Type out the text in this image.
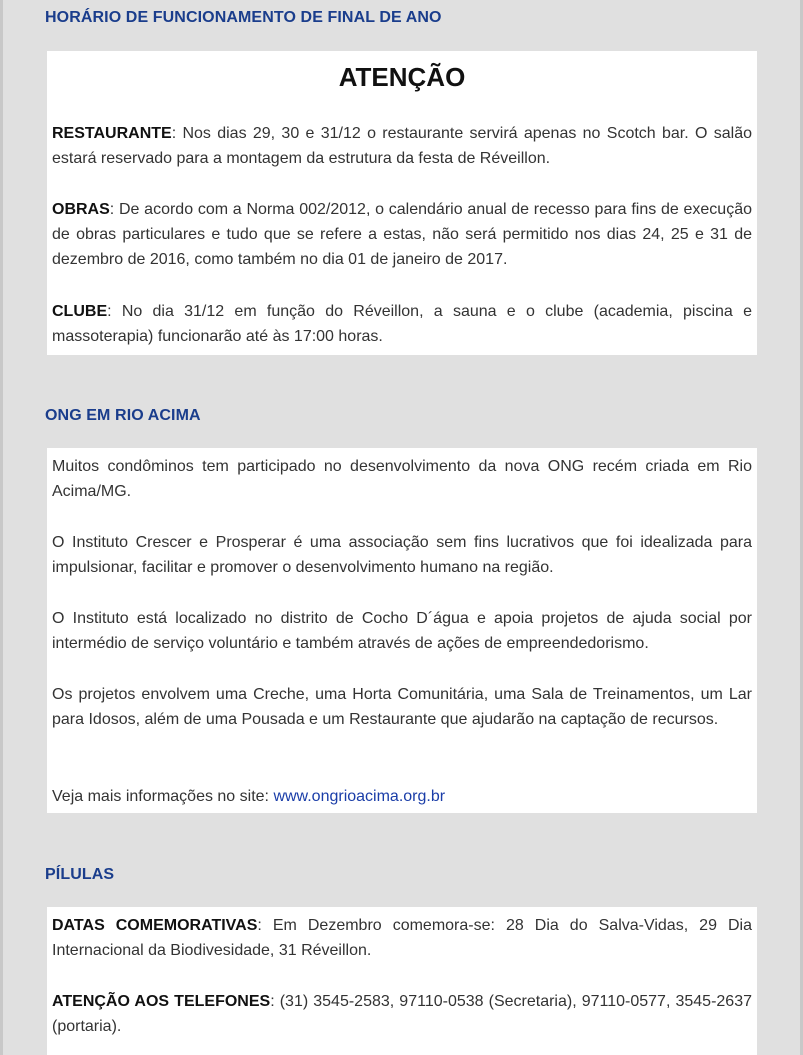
HORÁRIO DE FUNCIONAMENTO DE FINAL DE ANO
ATENÇÃO

RESTAURANTE: Nos dias 29, 30 e 31/12 o restaurante servirá apenas no Scotch bar. O salão estará reservado para a montagem da estrutura da festa de Réveillon.

OBRAS: De acordo com a Norma 002/2012, o calendário anual de recesso para fins de execução de obras particulares e tudo que se refere a estas, não será permitido nos dias 24, 25 e 31 de dezembro de 2016, como também no dia 01 de janeiro de 2017.

CLUBE: No dia 31/12 em função do Réveillon, a sauna e o clube (academia, piscina e massoterapia) funcionarão até às 17:00 horas.

ONG EM RIO ACIMA

Muitos condôminos tem participado no desenvolvimento da nova ONG recém criada em Rio Acima/MG.

O Instituto Crescer e Prosperar é uma associação sem fins lucrativos que foi idealizada para impulsionar, facilitar e promover o desenvolvimento humano na região.

O Instituto está localizado no distrito de Cocho D´água e apoia projetos de ajuda social por intermédio de serviço voluntário e também através de ações de empreendedorismo.

Os projetos envolvem uma Creche, uma Horta Comunitária, uma Sala de Treinamentos, um Lar para Idosos, além de uma Pousada e um Restaurante que ajudarão na captação de recursos.

Veja mais informações no site: www.ongrioacima.org.br

PÍLULAS

DATAS COMEMORATIVAS: Em Dezembro comemora-se: 28 Dia do Salva-Vidas, 29 Dia Internacional da Biodivesidade, 31 Réveillon.

ATENÇÃO AOS TELEFONES: (31) 3545-2583, 97110-0538 (Secretaria), 97110-0577, 3545-2637 (portaria).
